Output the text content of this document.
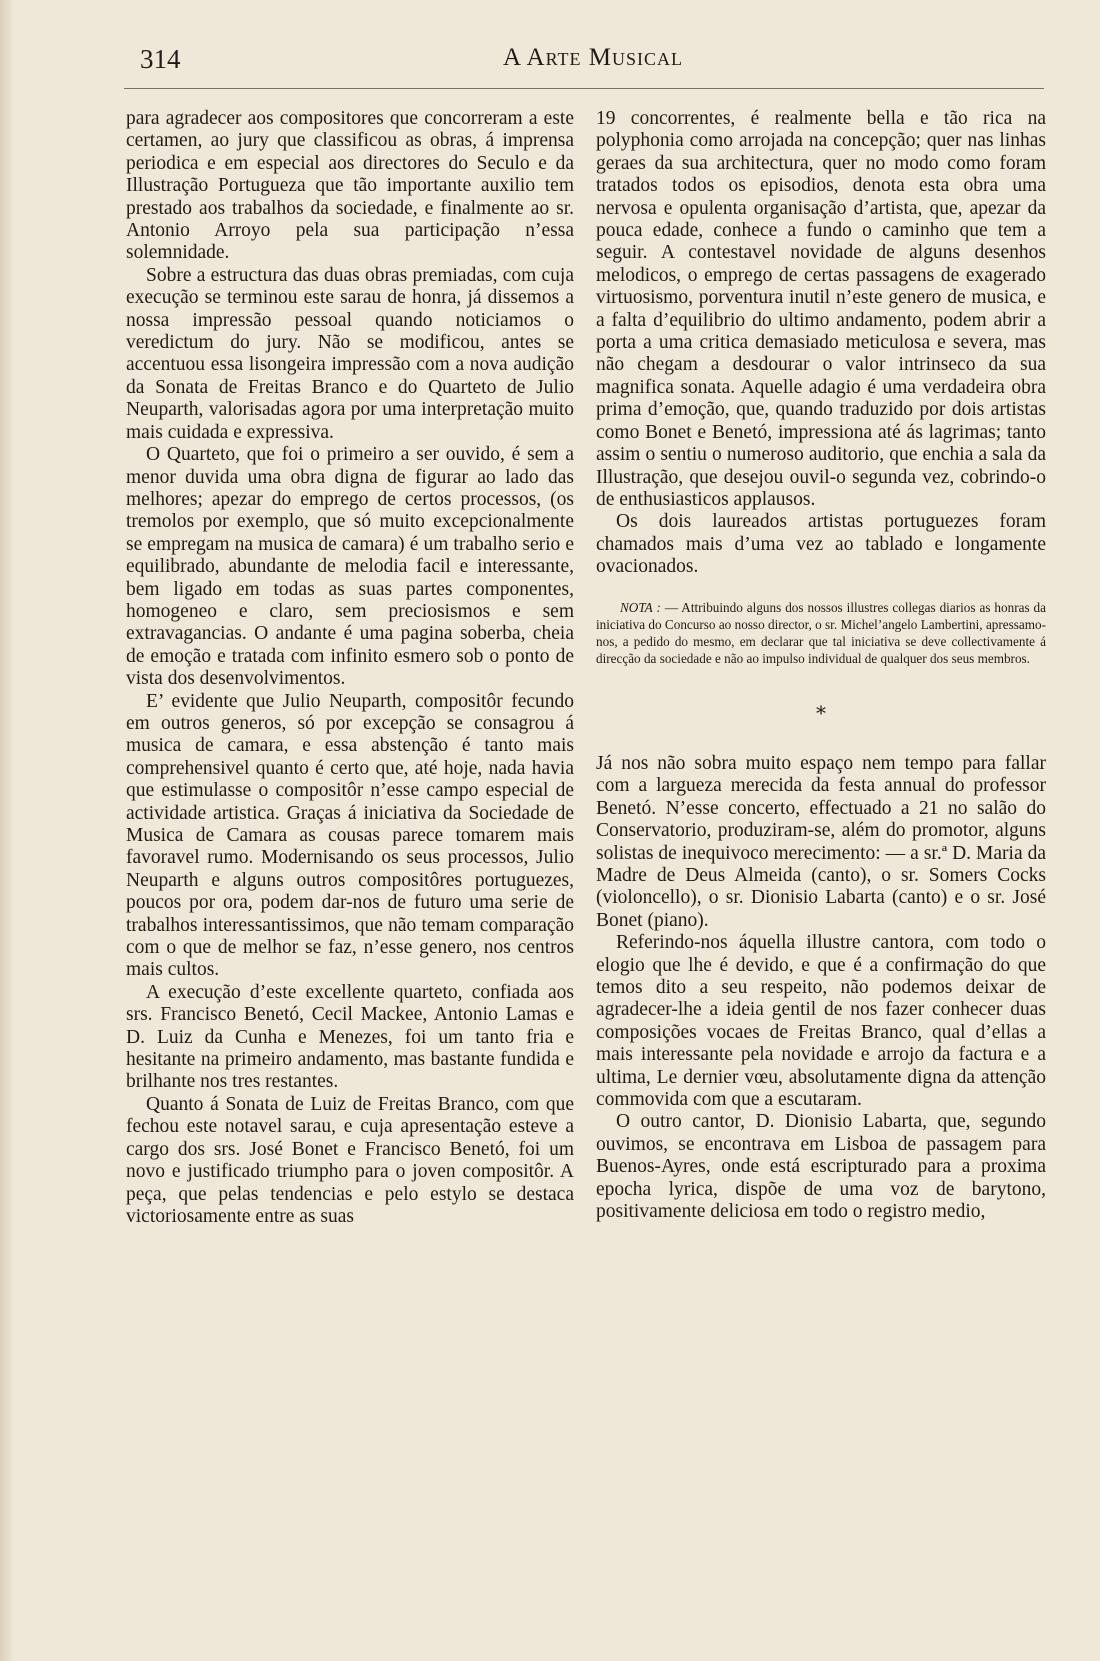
314	A Arte Musical

para agradecer aos compositores que concorreram a este certamen, ao jury que classificou as obras, á imprensa periodica e em especial aos directores do Seculo e da Illustração Portugueza que tão importante auxilio tem prestado aos trabalhos da sociedade, e finalmente ao sr. Antonio Arroyo pela sua participação n’essa solemnidade.

Sobre a estructura das duas obras premiadas, com cuja execução se terminou este sarau de honra, já dissemos a nossa impressão pessoal quando noticiamos o veredictum do jury. Não se modificou, antes se accentuou essa lisongeira impressão com a nova audição da Sonata de Freitas Branco e do Quarteto de Julio Neuparth, valorisadas agora por uma interpretação muito mais cuidada e expressiva.

O Quarteto, que foi o primeiro a ser ouvido, é sem a menor duvida uma obra digna de figurar ao lado das melhores; apezar do emprego de certos processos, (os tremolos por exemplo, que só muito excepcionalmente se empregam na musica de camara) é um trabalho serio e equilibrado, abundante de melodia facil e interessante, bem ligado em todas as suas partes componentes, homogeneo e claro, sem preciosismos e sem extravagancias. O andante é uma pagina soberba, cheia de emoção e tratada com infinito esmero sob o ponto de vista dos desenvolvimentos.

E’ evidente que Julio Neuparth, compositôr fecundo em outros generos, só por excepção se consagrou á musica de camara, e essa abstenção é tanto mais comprehensivel quanto é certo que, até hoje, nada havia que estimulasse o compositôr n’esse campo especial de actividade artistica. Graças á iniciativa da Sociedade de Musica de Camara as cousas parece tomarem mais favoravel rumo. Modernisando os seus processos, Julio Neuparth e alguns outros compositôres portuguezes, poucos por ora, podem dar-nos de futuro uma serie de trabalhos interessantissimos, que não temam comparação com o que de melhor se faz, n’esse genero, nos centros mais cultos.

A execução d’este excellente quarteto, confiada aos srs. Francisco Benetó, Cecil Mackee, Antonio Lamas e D. Luiz da Cunha e Menezes, foi um tanto fria e hesitante na primeiro andamento, mas bastante fundida e brilhante nos tres restantes.

Quanto á Sonata de Luiz de Freitas Branco, com que fechou este notavel sarau, e cuja apresentação esteve a cargo dos srs. José Bonet e Francisco Benetó, foi um novo e justificado triumpho para o joven compositôr. A peça, que pelas tendencias e pelo estylo se destaca victoriosamente entre as suas

19 concorrentes, é realmente bella e tão rica na polyphonia como arrojada na concepção; quer nas linhas geraes da sua architectura, quer no modo como foram tratados todos os episodios, denota esta obra uma nervosa e opulenta organisação d’artista, que, apezar da pouca edade, conhece a fundo o caminho que tem a seguir. A contestavel novidade de alguns desenhos melodicos, o emprego de certas passagens de exagerado virtuosismo, porventura inutil n’este genero de musica, e a falta d’equilibrio do ultimo andamento, podem abrir a porta a uma critica demasiado meticulosa e severa, mas não chegam a desdourar o valor intrinseco da sua magnifica sonata. Aquelle adagio é uma verdadeira obra prima d’emoção, que, quando traduzido por dois artistas como Bonet e Benetó, impressiona até ás lagrimas; tanto assim o sentiu o numeroso auditorio, que enchia a sala da Illustração, que desejou ouvil-o segunda vez, cobrindo-o de enthusiasticos applausos.

Os dois laureados artistas portuguezes foram chamados mais d’uma vez ao tablado e longamente ovacionados.

NOTA : — Attribuindo alguns dos nossos illustres collegas diarios as honras da iniciativa do Concurso ao nosso director, o sr. Michel’angelo Lambertini, apressamo-nos, a pedido do mesmo, em declarar que tal iniciativa se deve collectivamente á direcção da sociedade e não ao impulso individual de qualquer dos seus membros.

⁎

Já nos não sobra muito espaço nem tempo para fallar com a largueza merecida da festa annual do professor Benetó. N’esse concerto, effectuado a 21 no salão do Conservatorio, produziram-se, além do promotor, alguns solistas de inequivoco merecimento: — a sr.ª D. Maria da Madre de Deus Almeida (canto), o sr. Somers Cocks (violoncello), o sr. Dionisio Labarta (canto) e o sr. José Bonet (piano).

Referindo-nos áquella illustre cantora, com todo o elogio que lhe é devido, e que é a confirmação do que temos dito a seu respeito, não podemos deixar de agradecer-lhe a ideia gentil de nos fazer conhecer duas composições vocaes de Freitas Branco, qual d’ellas a mais interessante pela novidade e arrojo da factura e a ultima, Le dernier vœu, absolutamente digna da attenção commovida com que a escutaram.

O outro cantor, D. Dionisio Labarta, que, segundo ouvimos, se encontrava em Lisboa de passagem para Buenos-Ayres, onde está escripturado para a proxima epocha lyrica, dispõe de uma voz de barytono, positivamente deliciosa em todo o registro medio,
